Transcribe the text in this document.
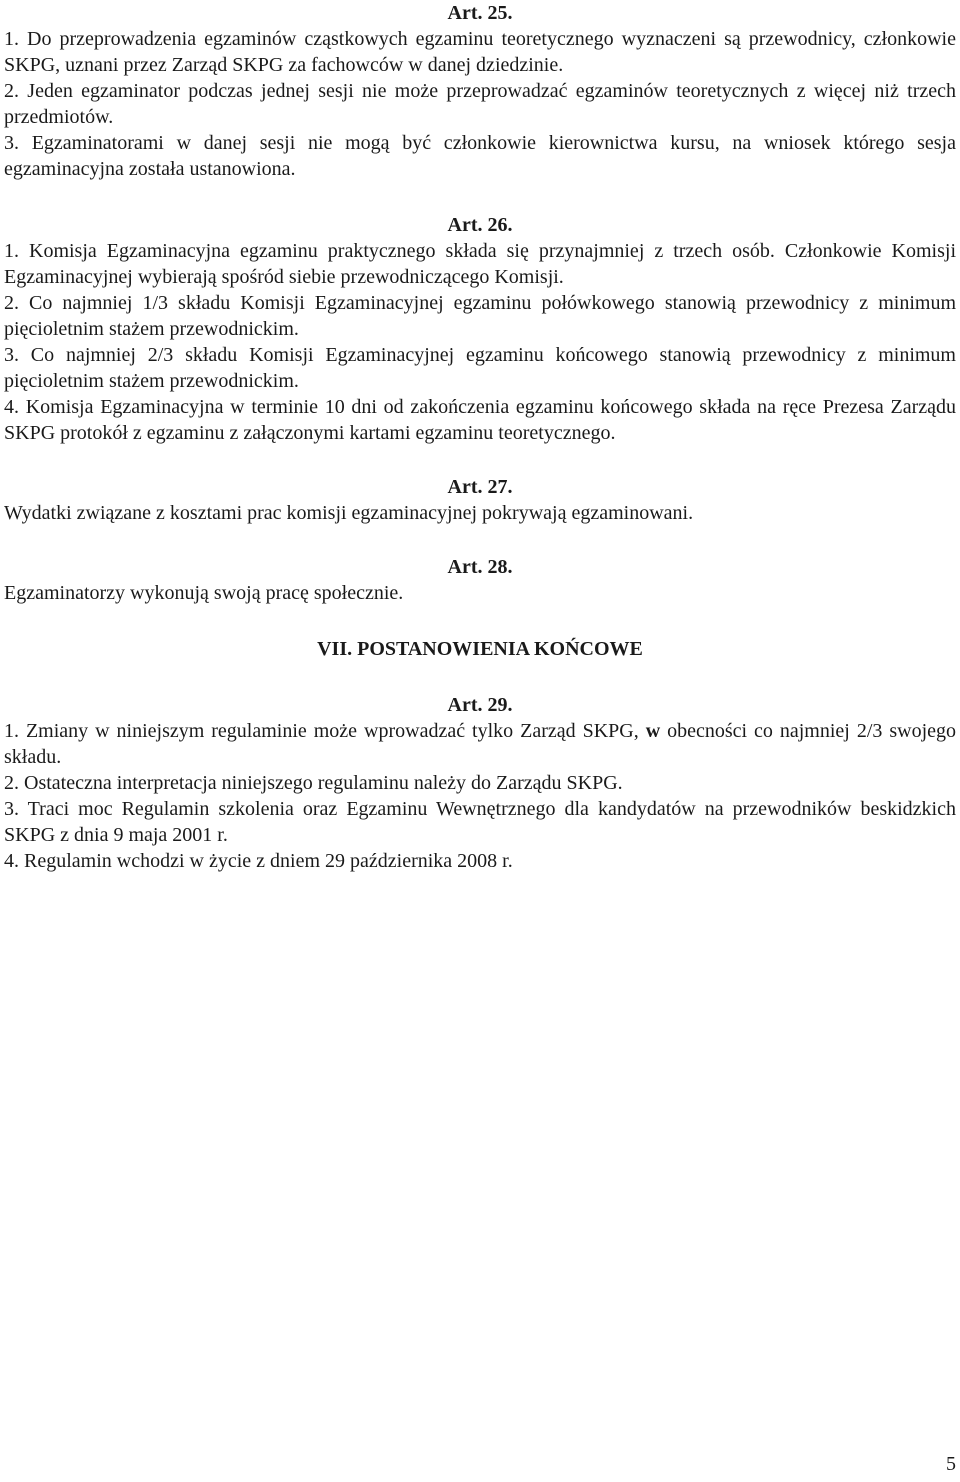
Art. 25.

1. Do przeprowadzenia egzaminów cząstkowych egzaminu teoretycznego wyznaczeni są przewodnicy, członkowie SKPG, uznani przez Zarząd SKPG za fachowców w danej dziedzinie.

2. Jeden egzaminator podczas jednej sesji nie może przeprowadzać egzaminów teoretycznych z więcej niż trzech przedmiotów.

3. Egzaminatorami w danej sesji nie mogą być członkowie kierownictwa kursu, na wniosek którego sesja egzaminacyjna została ustanowiona.

Art. 26.

1. Komisja Egzaminacyjna egzaminu praktycznego składa się przynajmniej z trzech osób. Członkowie Komisji Egzaminacyjnej wybierają spośród siebie przewodniczącego Komisji.

2. Co najmniej 1/3 składu Komisji Egzaminacyjnej egzaminu połówkowego stanowią przewodnicy z minimum pięcioletnim stażem przewodnickim.

3. Co najmniej 2/3 składu Komisji Egzaminacyjnej egzaminu końcowego stanowią przewodnicy z minimum pięcioletnim stażem przewodnickim.

4. Komisja Egzaminacyjna w terminie 10 dni od zakończenia egzaminu końcowego składa na ręce Prezesa Zarządu SKPG protokół z egzaminu z załączonymi kartami egzaminu teoretycznego.

Art. 27.

Wydatki związane z kosztami prac komisji egzaminacyjnej pokrywają egzaminowani.

Art. 28.

Egzaminatorzy wykonują swoją pracę społecznie.

VII. POSTANOWIENIA KOŃCOWE

Art. 29.

1. Zmiany w niniejszym regulaminie może wprowadzać tylko Zarząd SKPG, w obecności co najmniej 2/3 swojego składu.

2. Ostateczna interpretacja niniejszego regulaminu należy do Zarządu SKPG.

3. Traci moc Regulamin szkolenia oraz Egzaminu Wewnętrznego dla kandydatów na przewodników beskidzkich SKPG z dnia 9 maja 2001 r.

4. Regulamin wchodzi w życie z dniem 29 października 2008 r.

5
